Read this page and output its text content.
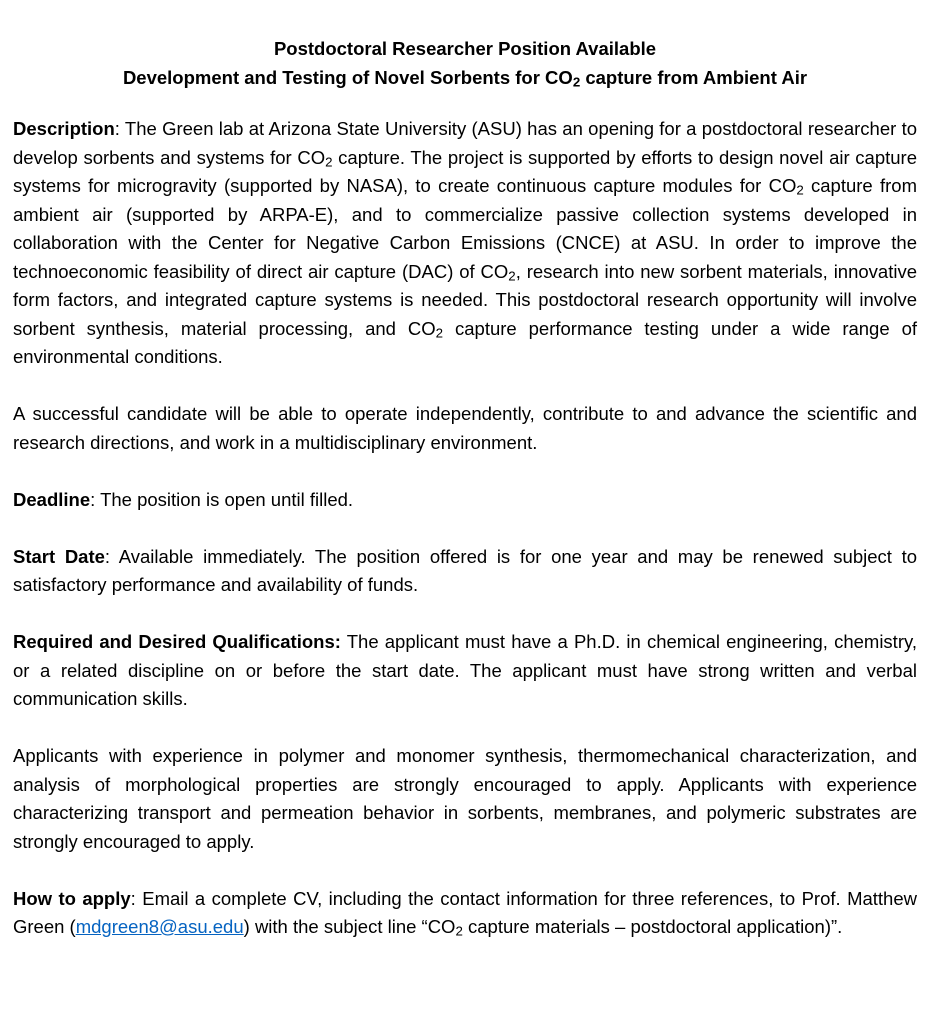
Postdoctoral Researcher Position Available
Development and Testing of Novel Sorbents for $CO_2$ capture from Ambient Air

Description: The Green lab at Arizona State University (ASU) has an opening for a postdoctoral researcher to develop sorbents and systems for $CO_2$ capture. The project is supported by efforts to design novel air capture systems for microgravity (supported by NASA), to create continuous capture modules for $CO_2$ capture from ambient air (supported by ARPA-E), and to commercialize passive collection systems developed in collaboration with the Center for Negative Carbon Emissions (CNCE) at ASU. In order to improve the technoeconomic feasibility of direct air capture (DAC) of $CO_2$, research into new sorbent materials, innovative form factors, and integrated capture systems is needed. This postdoctoral research opportunity will involve sorbent synthesis, material processing, and $CO_2$ capture performance testing under a wide range of environmental conditions.

A successful candidate will be able to operate independently, contribute to and advance the scientific and research directions, and work in a multidisciplinary environment.

Deadline: The position is open until filled.

Start Date: Available immediately. The position offered is for one year and may be renewed subject to satisfactory performance and availability of funds.

Required and Desired Qualifications: The applicant must have a Ph.D. in chemical engineering, chemistry, or a related discipline on or before the start date. The applicant must have strong written and verbal communication skills.

Applicants with experience in polymer and monomer synthesis, thermomechanical characterization, and analysis of morphological properties are strongly encouraged to apply. Applicants with experience characterizing transport and permeation behavior in sorbents, membranes, and polymeric substrates are strongly encouraged to apply.

How to apply: Email a complete CV, including the contact information for three references, to Prof. Matthew Green (mdgreen8@asu.edu) with the subject line “$CO_2$ capture materials – postdoctoral application)”.
